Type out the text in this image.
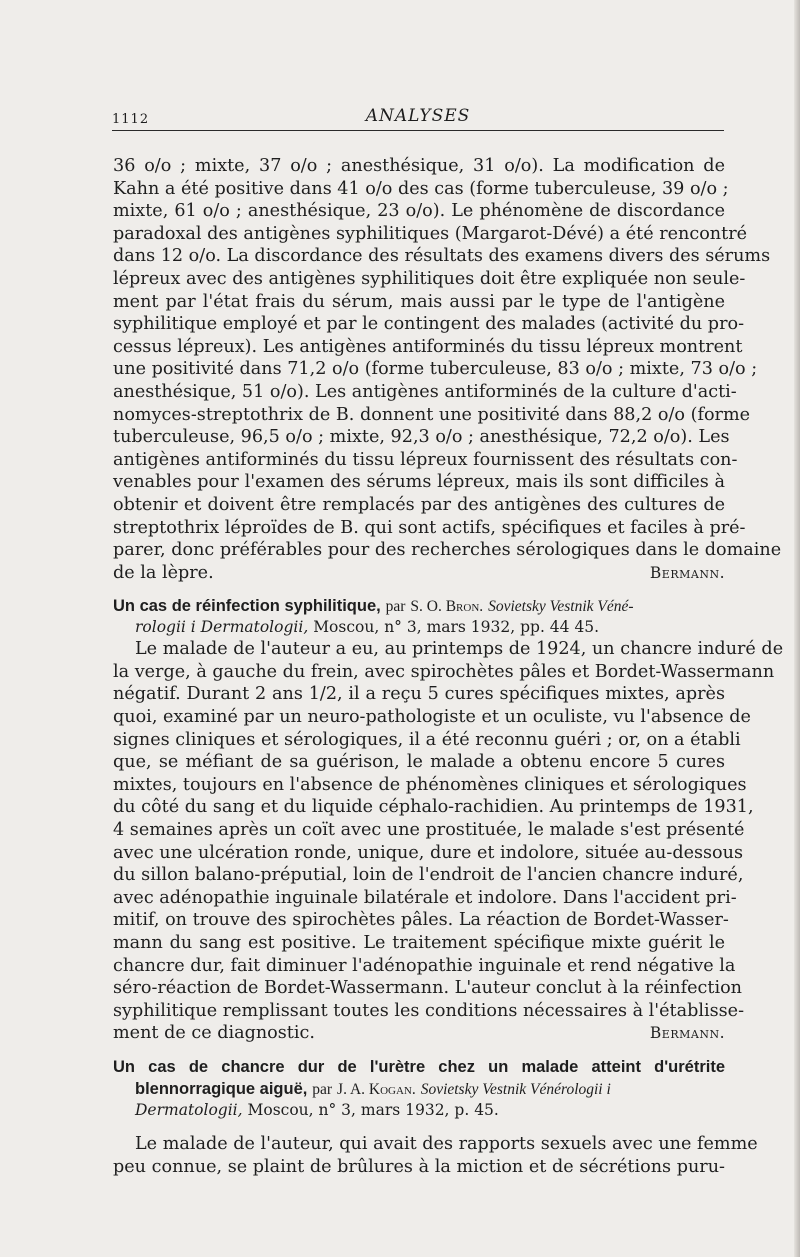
1112	ANALYSES
36 o/o ; mixte, 37 o/o ; anesthésique, 31 o/o). La modification de
Kahn a été positive dans 41 o/o des cas (forme tuberculeuse, 39 o/o ;
mixte, 61 o/o ; anesthésique, 23 o/o). Le phénomène de discordance
paradoxal des antigènes syphilitiques (Margarot-Dévé) a été rencontré
dans 12 o/o. La discordance des résultats des examens divers des sérums
lépreux avec des antigènes syphilitiques doit être expliquée non seule-
ment par l'état frais du sérum, mais aussi par le type de l'antigène
syphilitique employé et par le contingent des malades (activité du pro-
cessus lépreux). Les antigènes antiforminés du tissu lépreux montrent
une positivité dans 71,2 o/o (forme tuberculeuse, 83 o/o ; mixte, 73 o/o ;
anesthésique, 51 o/o). Les antigènes antiforminés de la culture d'acti-
nomyces-streptothrix de B. donnent une positivité dans 88,2 o/o (forme
tuberculeuse, 96,5 o/o ; mixte, 92,3 o/o ; anesthésique, 72,2 o/o). Les
antigènes antiforminés du tissu lépreux fournissent des résultats con-
venables pour l'examen des sérums lépreux, mais ils sont difficiles à
obtenir et doivent être remplacés par des antigènes des cultures de
streptothrix léproïdes de B. qui sont actifs, spécifiques et faciles à pré-
parer, donc préférables pour des recherches sérologiques dans le domaine
de la lèpre.	Bermann.
Un cas de réinfection syphilitique, par S. O. Bron. Sovietsky Vestnik Véné-
rologii i Dermatologii, Moscou, n° 3, mars 1932, pp. 44 45.
Le malade de l'auteur a eu, au printemps de 1924, un chancre induré de
la verge, à gauche du frein, avec spirochètes pâles et Bordet-Wassermann
négatif. Durant 2 ans 1/2, il a reçu 5 cures spécifiques mixtes, après
quoi, examiné par un neuro-pathologiste et un oculiste, vu l'absence de
signes cliniques et sérologiques, il a été reconnu guéri ; or, on a établi
que, se méfiant de sa guérison, le malade a obtenu encore 5 cures
mixtes, toujours en l'absence de phénomènes cliniques et sérologiques
du côté du sang et du liquide céphalo-rachidien. Au printemps de 1931,
4 semaines après un coït avec une prostituée, le malade s'est présenté
avec une ulcération ronde, unique, dure et indolore, située au-dessous
du sillon balano-préputial, loin de l'endroit de l'ancien chancre induré,
avec adénopathie inguinale bilatérale et indolore. Dans l'accident pri-
mitif, on trouve des spirochètes pâles. La réaction de Bordet-Wasser-
mann du sang est positive. Le traitement spécifique mixte guérit le
chancre dur, fait diminuer l'adénopathie inguinale et rend négative la
séro-réaction de Bordet-Wassermann. L'auteur conclut à la réinfection
syphilitique remplissant toutes les conditions nécessaires à l'établisse-
ment de ce diagnostic.	Bermann.
Un cas de chancre dur de l'urètre chez un malade atteint d'urétrite
blennorragique aiguë, par J. A. Kogan. Sovietsky Vestnik Vénérologii i
Dermatologii, Moscou, n° 3, mars 1932, p. 45.
Le malade de l'auteur, qui avait des rapports sexuels avec une femme
peu connue, se plaint de brûlures à la miction et de sécrétions puru-
